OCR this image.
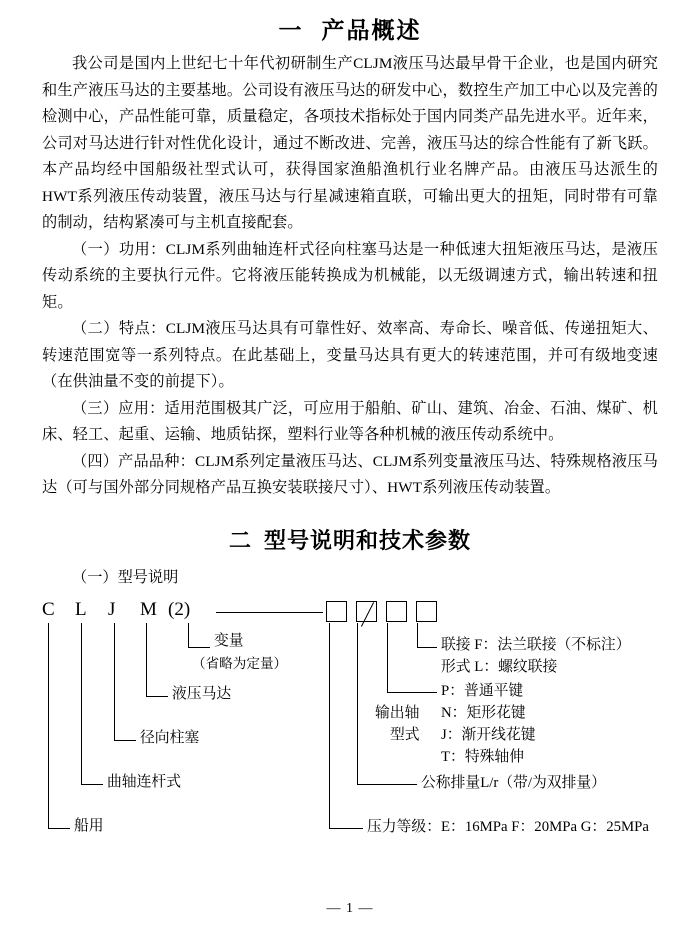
一 产品概述

我公司是国内上世纪七十年代初研制生产CLJM液压马达最早骨干企业，也是国内研究和生产液压马达的主要基地。公司设有液压马达的研发中心，数控生产加工中心以及完善的检测中心，产品性能可靠，质量稳定，各项技术指标处于国内同类产品先进水平。近年来，公司对马达进行针对性优化设计，通过不断改进、完善，液压马达的综合性能有了新飞跃。本产品均经中国船级社型式认可，获得国家渔船渔机行业名牌产品。由液压马达派生的HWT系列液压传动装置，液压马达与行星减速箱直联，可输出更大的扭矩，同时带有可靠的制动，结构紧凑可与主机直接配套。

（一）功用：CLJM系列曲轴连杆式径向柱塞马达是一种低速大扭矩液压马达，是液压传动系统的主要执行元件。它将液压能转换成为机械能，以无级调速方式，输出转速和扭矩。

（二）特点：CLJM液压马达具有可靠性好、效率高、寿命长、噪音低、传递扭矩大、转速范围宽等一系列特点。在此基础上，变量马达具有更大的转速范围，并可有级地变速（在供油量不变的前提下）。

（三）应用：适用范围极其广泛，可应用于船舶、矿山、建筑、冶金、石油、煤矿、机床、轻工、起重、运输、地质钻探，塑料行业等各种机械的液压传动系统中。

（四）产品品种：CLJM系列定量液压马达、CLJM系列变量液压马达、特殊规格液压马达（可与国外部分同规格产品互换安装联接尺寸）、HWT系列液压传动装置。

二 型号说明和技术参数
（一）型号说明
C L J M (2)
变量
（省略为定量）
液压马达
径向柱塞
曲轴连杆式
船用
联接 F：法兰联接（不标注）
形式 L：螺纹联接
P：普通平键
N：矩形花键
J：渐开线花键
T：特殊轴伸
输出轴
型式
公称排量L/r（带/为双排量）
压力等级：E：16MPa F：20MPa G：25MPa
— 1 —
